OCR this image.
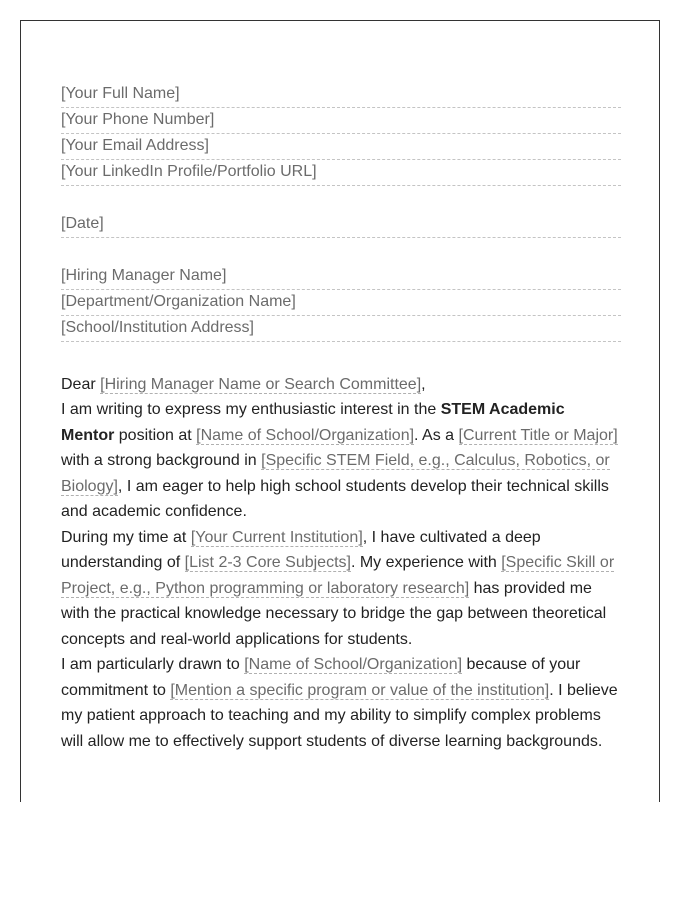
[Your Full Name]
[Your Phone Number]
[Your Email Address]
[Your LinkedIn Profile/Portfolio URL]
[Date]
[Hiring Manager Name]
[Department/Organization Name]
[School/Institution Address]
Dear [Hiring Manager Name or Search Committee],

I am writing to express my enthusiastic interest in the STEM Academic Mentor position at [Name of School/Organization]. As a [Current Title or Major] with a strong background in [Specific STEM Field, e.g., Calculus, Robotics, or Biology], I am eager to help high school students develop their technical skills and academic confidence.

During my time at [Your Current Institution], I have cultivated a deep understanding of [List 2-3 Core Subjects]. My experience with [Specific Skill or Project, e.g., Python programming or laboratory research] has provided me with the practical knowledge necessary to bridge the gap between theoretical concepts and real-world applications for students.

I am particularly drawn to [Name of School/Organization] because of your commitment to [Mention a specific program or value of the institution]. I believe my patient approach to teaching and my ability to simplify complex problems will allow me to effectively support students of diverse learning backgrounds.
